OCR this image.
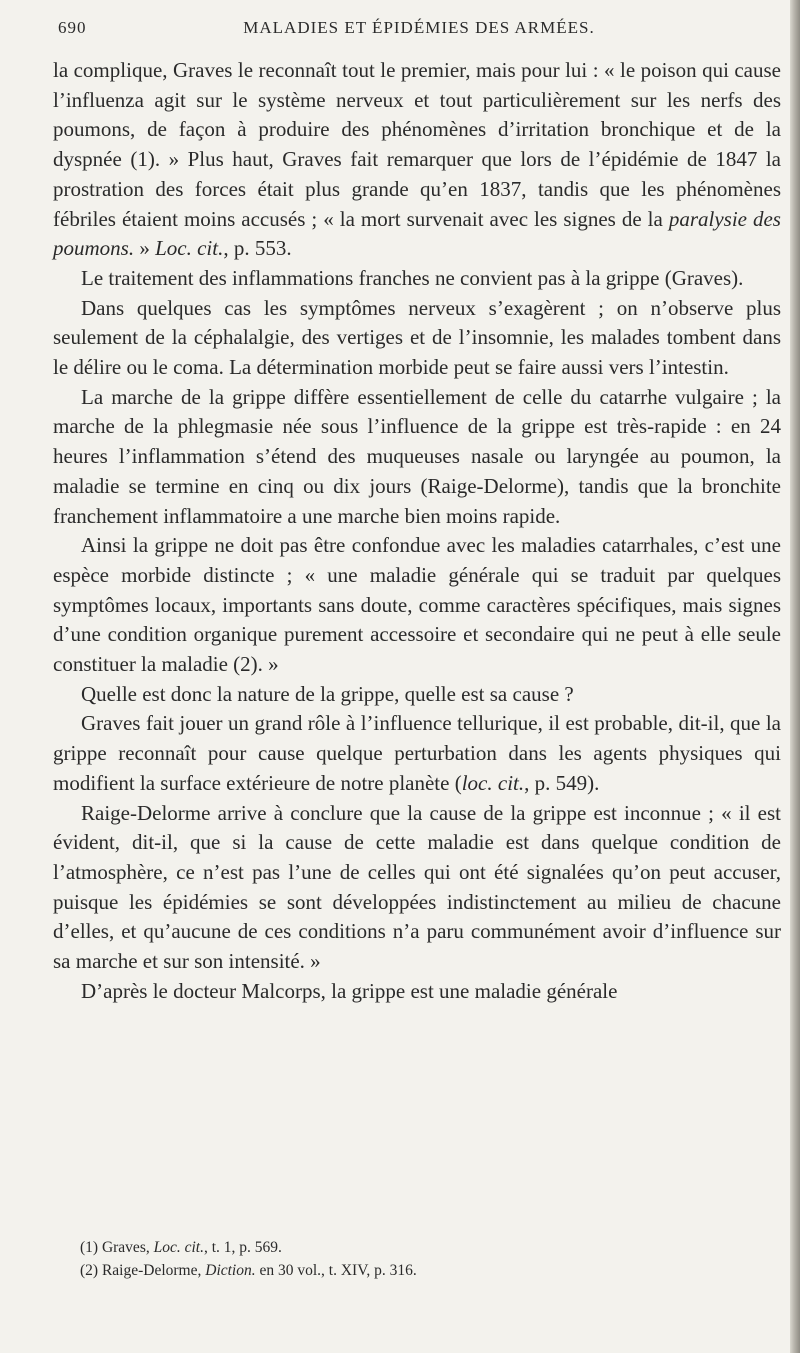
690	MALADIES ET ÉPIDÉMIES DES ARMÉES.

la complique, Graves le reconnaît tout le premier, mais pour lui : « le poison qui cause l’influenza agit sur le système nerveux et tout particulièrement sur les nerfs des poumons, de façon à produire des phénomènes d’irritation bronchique et de la dyspnée (1). » Plus haut, Graves fait remarquer que lors de l’épidémie de 1847 la prostration des forces était plus grande qu’en 1837, tandis que les phénomènes fébriles étaient moins accusés ; « la mort survenait avec les signes de la paralysie des poumons. » Loc. cit., p. 553.

Le traitement des inflammations franches ne convient pas à la grippe (Graves).

Dans quelques cas les symptômes nerveux s’exagèrent ; on n’observe plus seulement de la céphalalgie, des vertiges et de l’insomnie, les malades tombent dans le délire ou le coma. La détermination morbide peut se faire aussi vers l’intestin.

La marche de la grippe diffère essentiellement de celle du catarrhe vulgaire ; la marche de la phlegmasie née sous l’influence de la grippe est très-rapide : en 24 heures l’inflammation s’étend des muqueuses nasale ou laryngée au poumon, la maladie se termine en cinq ou dix jours (Raige-Delorme), tandis que la bronchite franchement inflammatoire a une marche bien moins rapide.

Ainsi la grippe ne doit pas être confondue avec les maladies catarrhales, c’est une espèce morbide distincte ; « une maladie générale qui se traduit par quelques symptômes locaux, importants sans doute, comme caractères spécifiques, mais signes d’une condition organique purement accessoire et secondaire qui ne peut à elle seule constituer la maladie (2). »

Quelle est donc la nature de la grippe, quelle est sa cause ?

Graves fait jouer un grand rôle à l’influence tellurique, il est probable, dit-il, que la grippe reconnaît pour cause quelque perturbation dans les agents physiques qui modifient la surface extérieure de notre planète (loc. cit., p. 549).

Raige-Delorme arrive à conclure que la cause de la grippe est inconnue ; « il est évident, dit-il, que si la cause de cette maladie est dans quelque condition de l’atmosphère, ce n’est pas l’une de celles qui ont été signalées qu’on peut accuser, puisque les épidémies se sont développées indistinctement au milieu de chacune d’elles, et qu’aucune de ces conditions n’a paru communément avoir d’influence sur sa marche et sur son intensité. »

D’après le docteur Malcorps, la grippe est une maladie générale

(1) Graves, Loc. cit., t. 1, p. 569.

(2) Raige-Delorme, Diction. en 30 vol., t. XIV, p. 316.
